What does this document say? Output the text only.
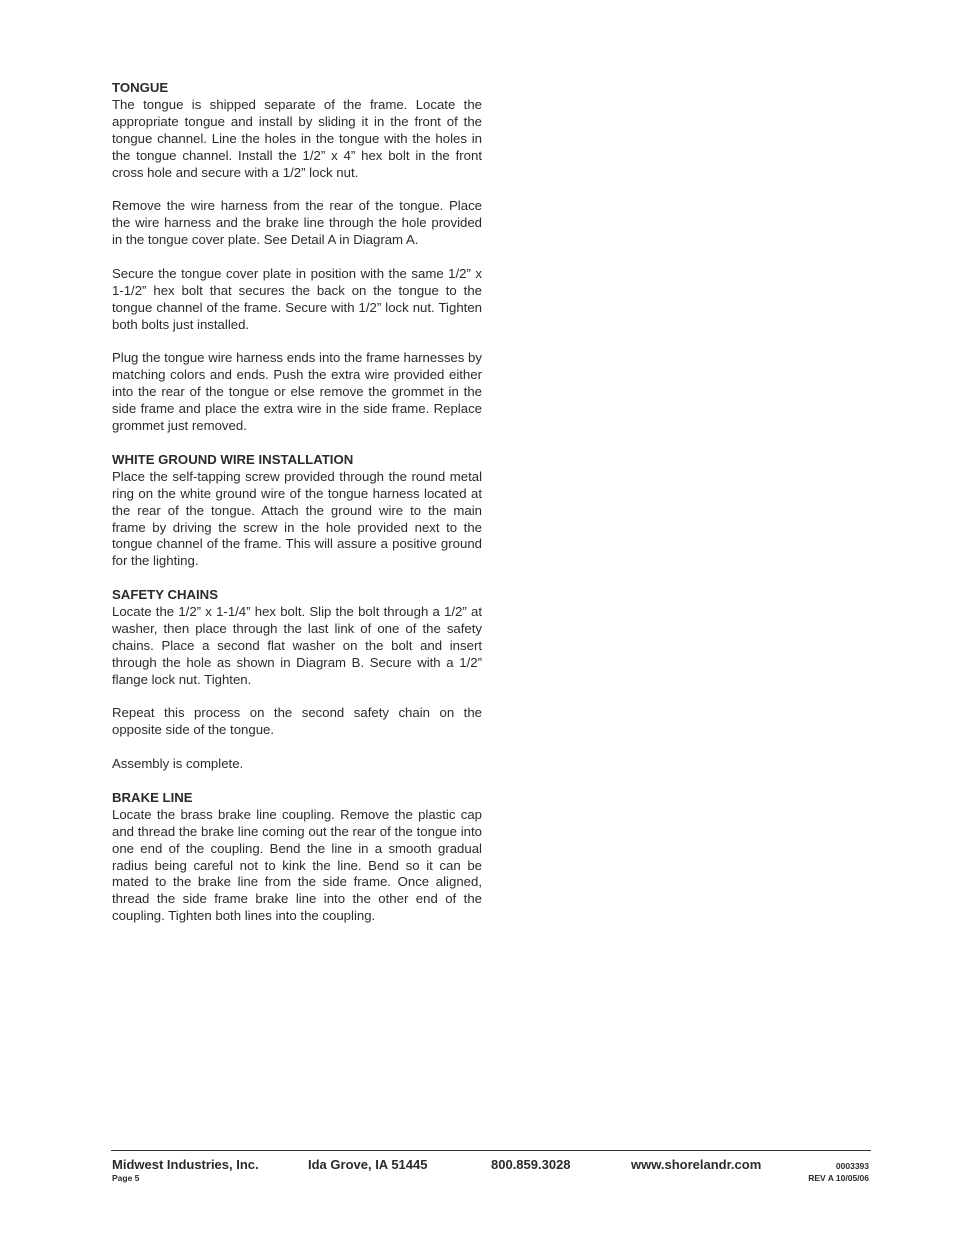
TONGUE

The tongue is shipped separate of the frame. Locate the appropriate tongue and install by sliding it in the front of the tongue channel. Line the holes in the tongue with the holes in the tongue channel. Install the 1/2” x 4” hex bolt in the front cross hole and secure with a 1/2” lock nut.

Remove the wire harness from the rear of the tongue. Place the wire harness and the brake line through the hole provided in the tongue cover plate. See Detail A in Diagram A.

Secure the tongue cover plate in position with the same 1/2” x 1-1/2” hex bolt that secures the back on the tongue to the tongue channel of the frame. Secure with 1/2” lock nut. Tighten both bolts just installed.

Plug the tongue wire harness ends into the frame harnesses by matching colors and ends. Push the extra wire provided either into the rear of the tongue or else remove the grommet in the side frame and place the extra wire in the side frame. Replace grommet just removed.

WHITE GROUND WIRE INSTALLATION

Place the self-tapping screw provided through the round metal ring on the white ground wire of the tongue harness located at the rear of the tongue. Attach the ground wire to the main frame by driving the screw in the hole provided next to the tongue channel of the frame. This will assure a positive ground for the lighting.

SAFETY CHAINS

Locate the 1/2” x 1-1/4” hex bolt. Slip the bolt through a 1/2” at washer, then place through the last link of one of the safety chains. Place a second flat washer on the bolt and insert through the hole as shown in Diagram B. Secure with a 1/2” flange lock nut. Tighten.

Repeat this process on the second safety chain on the opposite side of the tongue.

Assembly is complete.

BRAKE LINE

Locate the brass brake line coupling. Remove the plastic cap and thread the brake line coming out the rear of the tongue into one end of the coupling. Bend the line in a smooth gradual radius being careful not to kink the line. Bend so it can be mated to the brake line from the side frame. Once aligned, thread the side frame brake line into the other end of the coupling. Tighten both lines into the coupling.

Midwest Industries, Inc.	Ida Grove, IA 51445	800.859.3028	www.shorelandr.com
Page 5
0003393
REV A 10/05/06
